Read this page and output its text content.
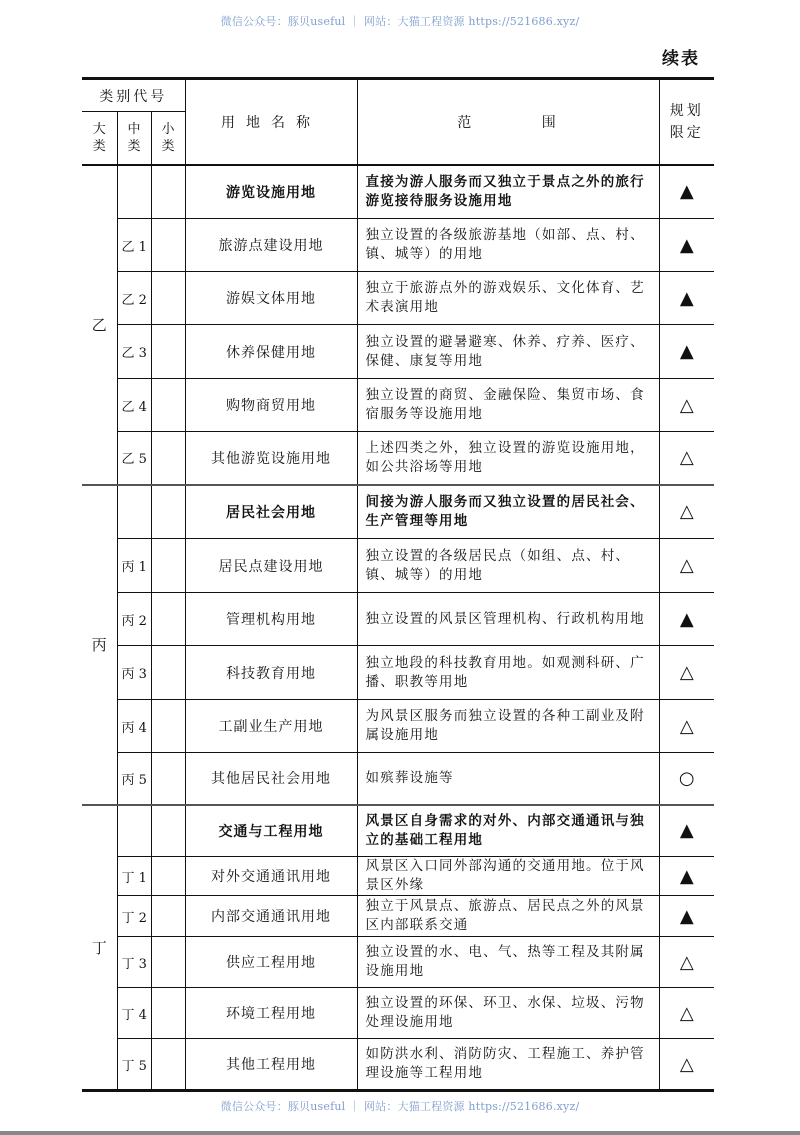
微信公众号：豚贝useful ｜ 网站：大猫工程资源 https://521686.xyz/
续表
类别代号			用地名称	范 围	规划限定
大类	中类	小类			
乙			游览设施用地	直接为游人服务而又独立于景点之外的旅行游览接待服务设施用地	▲
	乙 1		旅游点建设用地	独立设置的各级旅游基地（如部、点、村、镇、城等）的用地	▲
	乙 2		游娱文体用地	独立于旅游点外的游戏娱乐、文化体育、艺术表演用地	▲
	乙 3		休养保健用地	独立设置的避暑避寒、休养、疗养、医疗、保健、康复等用地	▲
	乙 4		购物商贸用地	独立设置的商贸、金融保险、集贸市场、食宿服务等设施用地	△
	乙 5		其他游览设施用地	上述四类之外，独立设置的游览设施用地，如公共浴场等用地	△
丙			居民社会用地	间接为游人服务而又独立设置的居民社会、生产管理等用地	△
	丙 1		居民点建设用地	独立设置的各级居民点（如组、点、村、镇、城等）的用地	△
	丙 2		管理机构用地	独立设置的风景区管理机构、行政机构用地	▲
	丙 3		科技教育用地	独立地段的科技教育用地。如观测科研、广播、职教等用地	△
	丙 4		工副业生产用地	为风景区服务而独立设置的各种工副业及附属设施用地	△
	丙 5		其他居民社会用地	如殡葬设施等	○
丁			交通与工程用地	风景区自身需求的对外、内部交通通讯与独立的基础工程用地	▲
	丁 1		对外交通通讯用地	风景区入口同外部沟通的交通用地。位于风景区外缘	▲
	丁 2		内部交通通讯用地	独立于风景点、旅游点、居民点之外的风景区内部联系交通	▲
	丁 3		供应工程用地	独立设置的水、电、气、热等工程及其附属设施用地	△
	丁 4		环境工程用地	独立设置的环保、环卫、水保、垃圾、污物处理设施用地	△
	丁 5		其他工程用地	如防洪水利、消防防灾、工程施工、养护管理设施等工程用地	△
微信公众号：豚贝useful ｜ 网站：大猫工程资源 https://521686.xyz/
